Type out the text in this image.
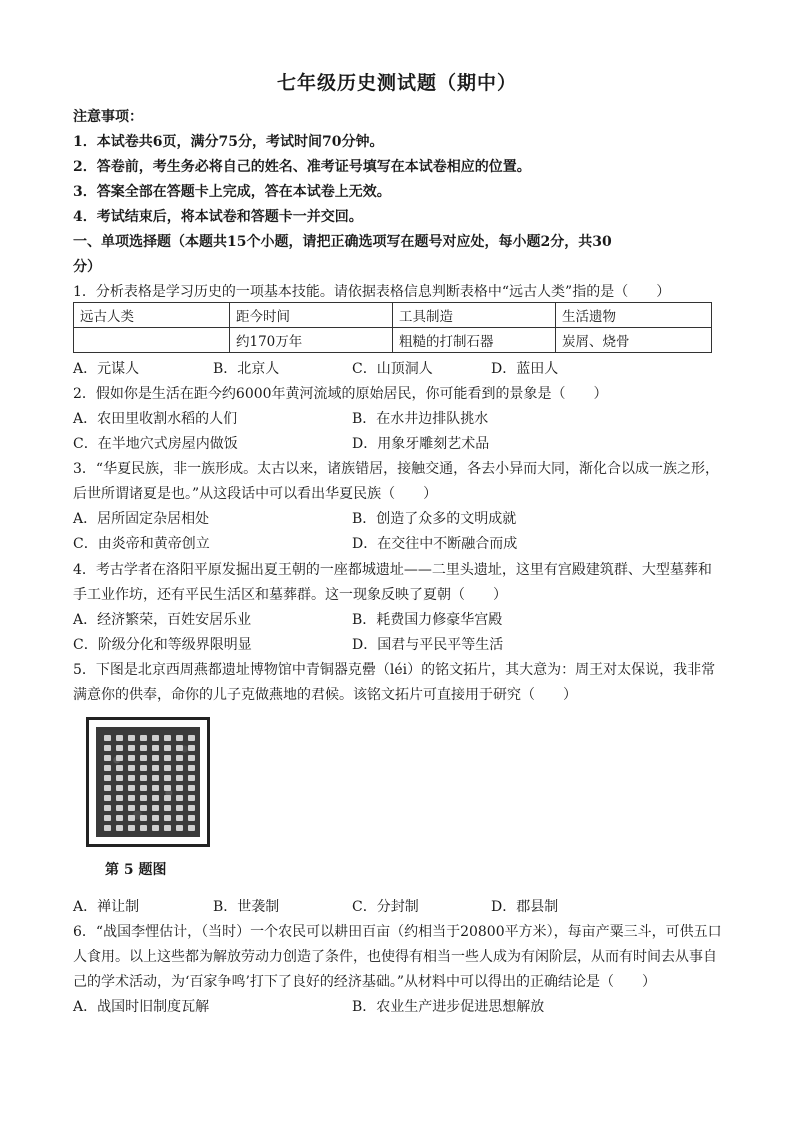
七年级历史测试题（期中）
注意事项：
1．本试卷共6页，满分75分，考试时间70分钟。
2．答卷前，考生务必将自己的姓名、准考证号填写在本试卷相应的位置。
3．答案全部在答题卡上完成，答在本试卷上无效。
4．考试结束后，将本试卷和答题卡一并交回。
一、单项选择题（本题共15个小题，请把正确选项写在题号对应处，每小题2分，共30
分）
1．分析表格是学习历史的一项基本技能。请依据表格信息判断表格中“远古人类”指的是（　　）
远古人类	距今时间	工具制造	生活遗物
	约170万年	粗糙的打制石器	炭屑、烧骨
A．元谋人	B．北京人	C．山顶洞人	D．蓝田人
2．假如你是生活在距今约6000年黄河流域的原始居民，你可能看到的景象是（　　）
A．农田里收割水稻的人们	B．在水井边排队挑水
C．在半地穴式房屋内做饭	D．用象牙雕刻艺术品
3．“华夏民族，非一族形成。太古以来，诸族错居，接触交通，各去小异而大同，渐化合以成一族之形，
后世所谓诸夏是也。”从这段话中可以看出华夏民族（　　）
A．居所固定杂居相处	B．创造了众多的文明成就
C．由炎帝和黄帝创立	D．在交往中不断融合而成
4．考古学者在洛阳平原发掘出夏王朝的一座都城遗址——二里头遗址，这里有宫殿建筑群、大型墓葬和
手工业作坊，还有平民生活区和墓葬群。这一现象反映了夏朝（　　）
A．经济繁荣，百姓安居乐业	B．耗费国力修豪华宫殿
C．阶级分化和等级界限明显	D．国君与平民平等生活
5．下图是北京西周燕都遗址博物馆中青铜器克罍（léi）的铭文拓片，其大意为：周王对太保说，我非常
满意你的供奉，命你的儿子克做燕地的君候。该铭文拓片可直接用于研究（　　）
第 5 题图
A．禅让制	B．世袭制	C．分封制	D．郡县制
6．“战国李悝估计，（当时）一个农民可以耕田百亩（约相当于20800平方米），每亩产粟三斗，可供五口
人食用。以上这些都为解放劳动力创造了条件，也使得有相当一些人成为有闲阶层，从而有时间去从事自
己的学术活动，为‘百家争鸣’打下了良好的经济基础。”从材料中可以得出的正确结论是（　　）
A．战国时旧制度瓦解	B．农业生产进步促进思想解放
